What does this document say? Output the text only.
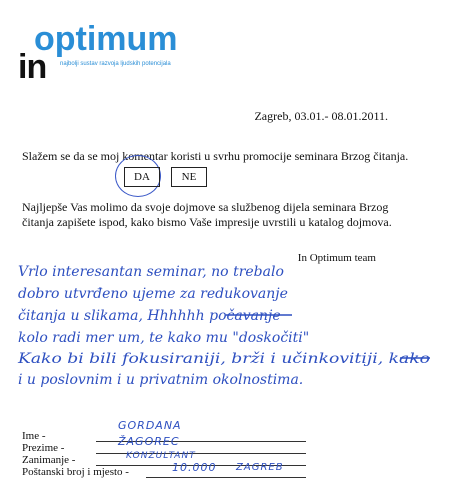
optimum
najbolji sustav razvoja ljudskih potencijala
in
Zagreb, 03.01.- 08.01.2011.
Slažem se da se moj komentar koristi u svrhu promocije seminara Brzog čitanja.
DA	NE
Najljepše Vas molimo da svoje dojmove sa službenog dijela seminara Brzog čitanja zapišete ispod, kako bismo Vaše impresije uvrstili u katalog dojmova.
In Optimum team
Vrlo interesantan seminar, no trebalo
dobro utvrđeno ujeme za redukovanje
čitanja u slikama, Hhhhhh počavanje
kolo radi mer um, te kako mu "doskočiti"
Kako bi bili fokusiraniji, brži i učinkovitiji, kako
i u poslovnim i u privatnim okolnostima.
Ime -
GORDANA
Prezime -	ŽAGOREC
Zanimanje -	KONZULTANT
Poštanski broj i mjesto -	10.000 ZAGREB
